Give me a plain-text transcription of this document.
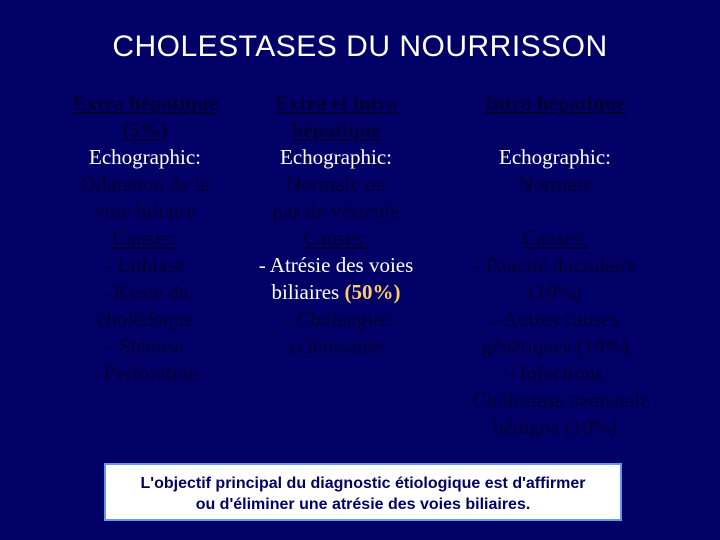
CHOLESTASES DU NOURRISSON
Extra hépatique
(5%)
Echographic:
Dilatation de la
voie biliaire
Causes:
- Lithiase
- Kyste du
cholédoque
- Sténose
- Perforation
Extra et intra
hépatique
Echographic:
Normale ou
pas de vésicule
Causes:
- Atrésie des voies
biliaires (50%)
- Cholangite
sclérosante
Intra hépatique
Echographic:
Normale
Causes:
- Paucité ductulaire
(10%)
- Autres causes
génétiques (10%)
- Infections
- Cholestase néonatale
bénigne (10%)
L'objectif principal du diagnostic étiologique est d'affirmer
ou d'éliminer une atrésie des voies biliaires.
